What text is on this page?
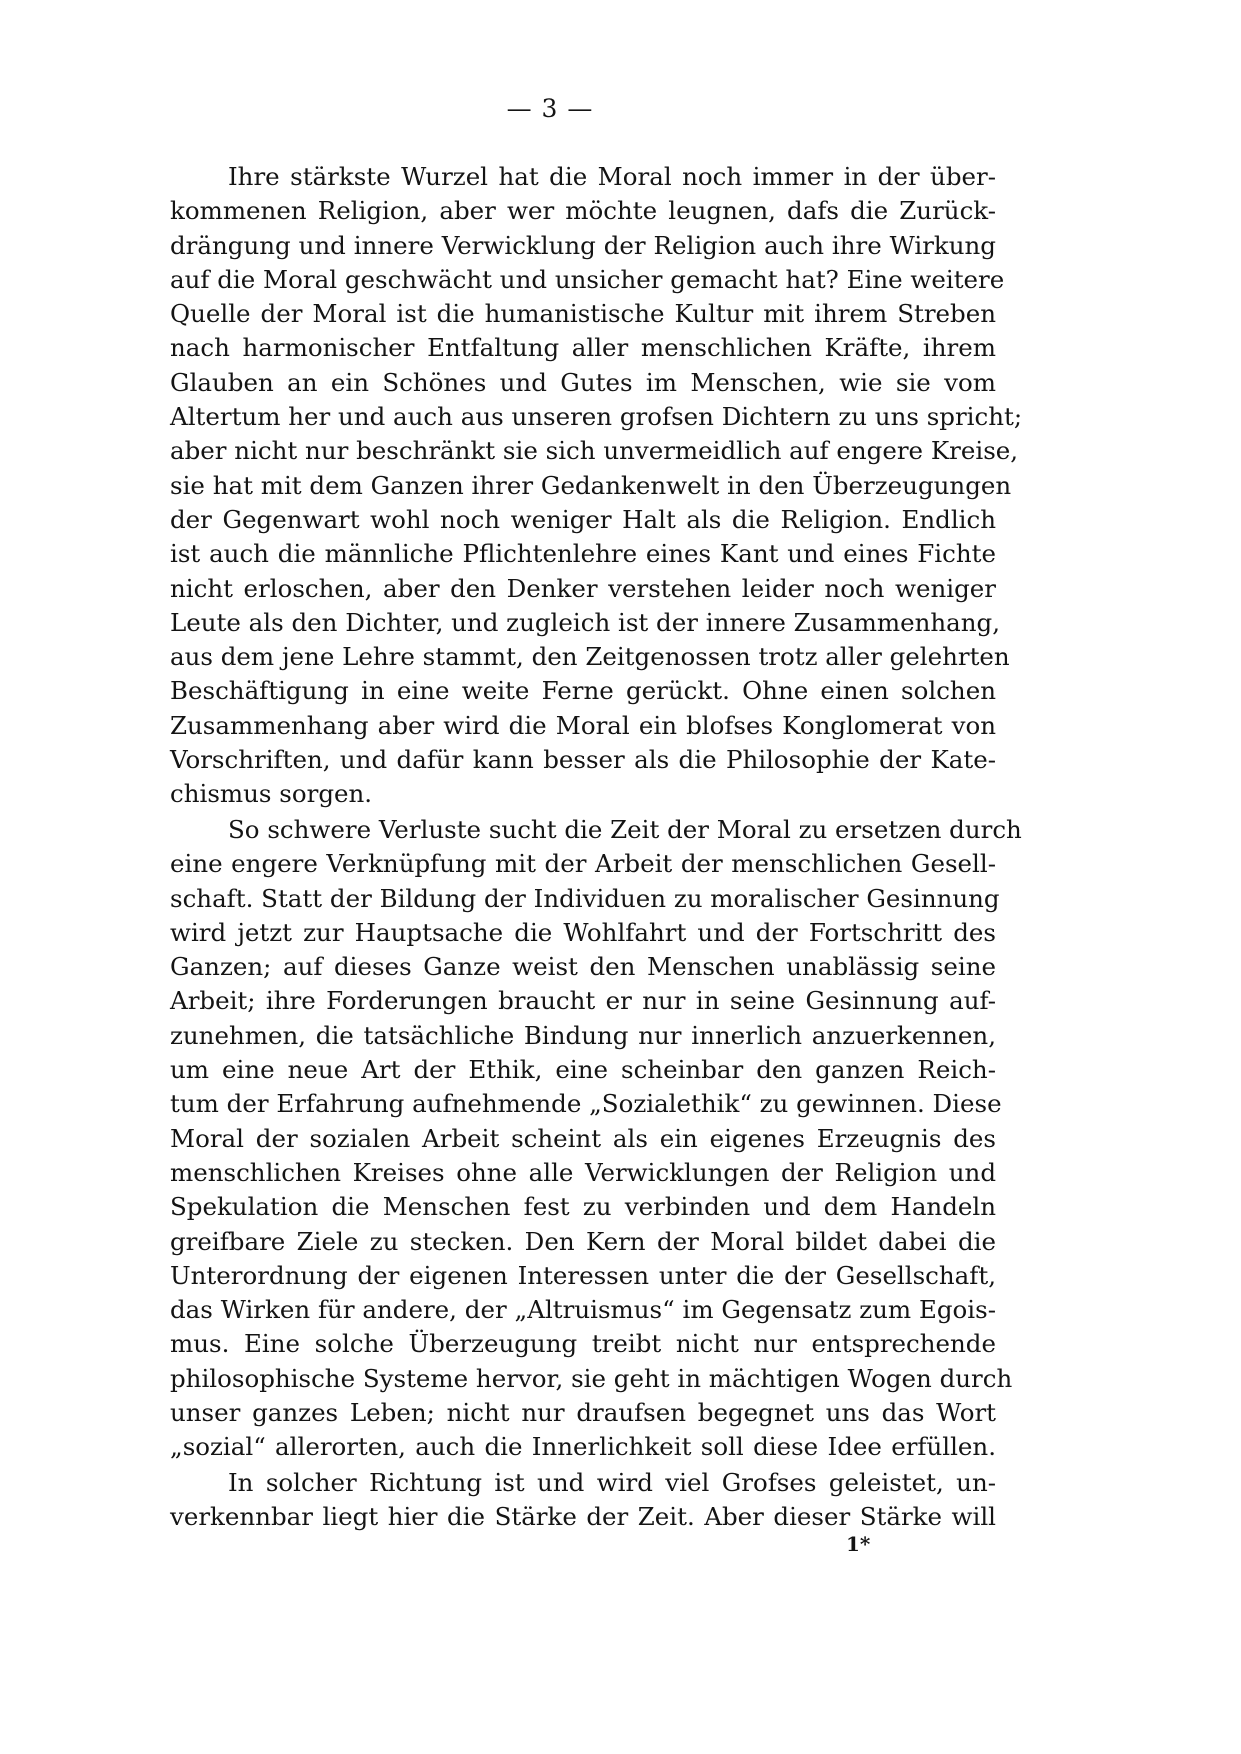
— 3 —
Ihre stärkste Wurzel hat die Moral noch immer in der über-
kommenen Religion, aber wer möchte leugnen, dafs die Zurück-
drängung und innere Verwicklung der Religion auch ihre Wirkung
auf die Moral geschwächt und unsicher gemacht hat? Eine weitere
Quelle der Moral ist die humanistische Kultur mit ihrem Streben
nach harmonischer Entfaltung aller menschlichen Kräfte, ihrem
Glauben an ein Schönes und Gutes im Menschen, wie sie vom
Altertum her und auch aus unseren grofsen Dichtern zu uns spricht;
aber nicht nur beschränkt sie sich unvermeidlich auf engere Kreise,
sie hat mit dem Ganzen ihrer Gedankenwelt in den Überzeugungen
der Gegenwart wohl noch weniger Halt als die Religion. Endlich
ist auch die männliche Pflichtenlehre eines Kant und eines Fichte
nicht erloschen, aber den Denker verstehen leider noch weniger
Leute als den Dichter, und zugleich ist der innere Zusammenhang,
aus dem jene Lehre stammt, den Zeitgenossen trotz aller gelehrten
Beschäftigung in eine weite Ferne gerückt. Ohne einen solchen
Zusammenhang aber wird die Moral ein blofses Konglomerat von
Vorschriften, und dafür kann besser als die Philosophie der Kate-
chismus sorgen.
So schwere Verluste sucht die Zeit der Moral zu ersetzen durch
eine engere Verknüpfung mit der Arbeit der menschlichen Gesell-
schaft. Statt der Bildung der Individuen zu moralischer Gesinnung
wird jetzt zur Hauptsache die Wohlfahrt und der Fortschritt des
Ganzen; auf dieses Ganze weist den Menschen unablässig seine
Arbeit; ihre Forderungen braucht er nur in seine Gesinnung auf-
zunehmen, die tatsächliche Bindung nur innerlich anzuerkennen,
um eine neue Art der Ethik, eine scheinbar den ganzen Reich-
tum der Erfahrung aufnehmende „Sozialethik“ zu gewinnen. Diese
Moral der sozialen Arbeit scheint als ein eigenes Erzeugnis des
menschlichen Kreises ohne alle Verwicklungen der Religion und
Spekulation die Menschen fest zu verbinden und dem Handeln
greifbare Ziele zu stecken. Den Kern der Moral bildet dabei die
Unterordnung der eigenen Interessen unter die der Gesellschaft,
das Wirken für andere, der „Altruismus“ im Gegensatz zum Egois-
mus. Eine solche Überzeugung treibt nicht nur entsprechende
philosophische Systeme hervor, sie geht in mächtigen Wogen durch
unser ganzes Leben; nicht nur draufsen begegnet uns das Wort
„sozial“ allerorten, auch die Innerlichkeit soll diese Idee erfüllen.
In solcher Richtung ist und wird viel Grofses geleistet, un-
verkennbar liegt hier die Stärke der Zeit. Aber dieser Stärke will
1*
